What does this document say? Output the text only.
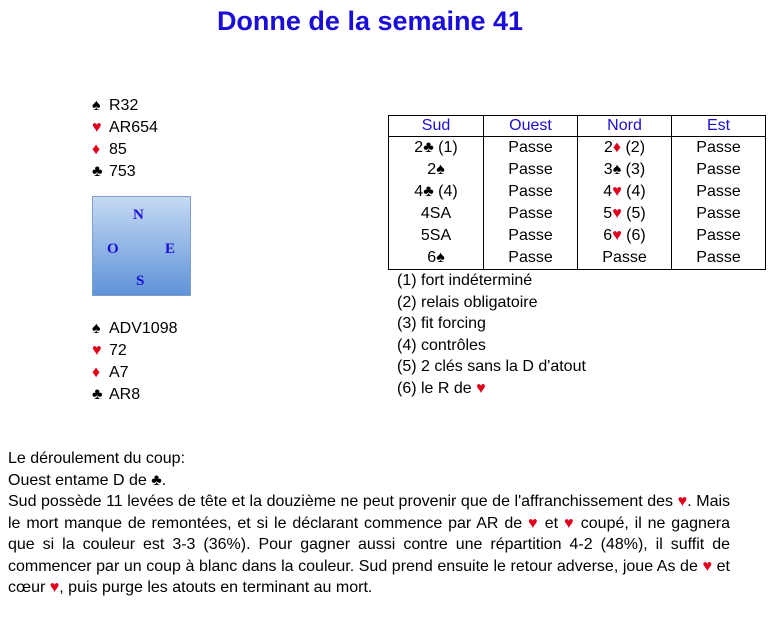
Donne de la semaine 41
♠ R32
♥ AR654
♦ 85
♣ 753
N
O	E
S
♠ ADV1098
♥ 72
♦ A7
♣ AR8
Sud	Ouest	Nord	Est
2♣ (1)	Passe	2♦ (2)	Passe
2♠	Passe	3♠ (3)	Passe
4♣ (4)	Passe	4♥ (4)	Passe
4SA	Passe	5♥ (5)	Passe
5SA	Passe	6♥ (6)	Passe
6♠	Passe	Passe	Passe
(1) fort indéterminé
(2) relais obligatoire
(3) fit forcing
(4) contrôles
(5) 2 clés sans la D d'atout
(6) le R de ♥
Le déroulement du coup:
Ouest entame D de ♣.
Sud possède 11 levées de tête et la douzième ne peut provenir que de l'affranchissement des ♥. Mais le mort manque de remontées, et si le déclarant commence par AR de ♥ et ♥ coupé, il ne gagnera que si la couleur est 3-3 (36%). Pour gagner aussi contre une répartition 4-2 (48%), il suffit de commencer par un coup à blanc dans la couleur. Sud prend ensuite le retour adverse, joue As de ♥ et cœur ♥, puis purge les atouts en terminant au mort.
